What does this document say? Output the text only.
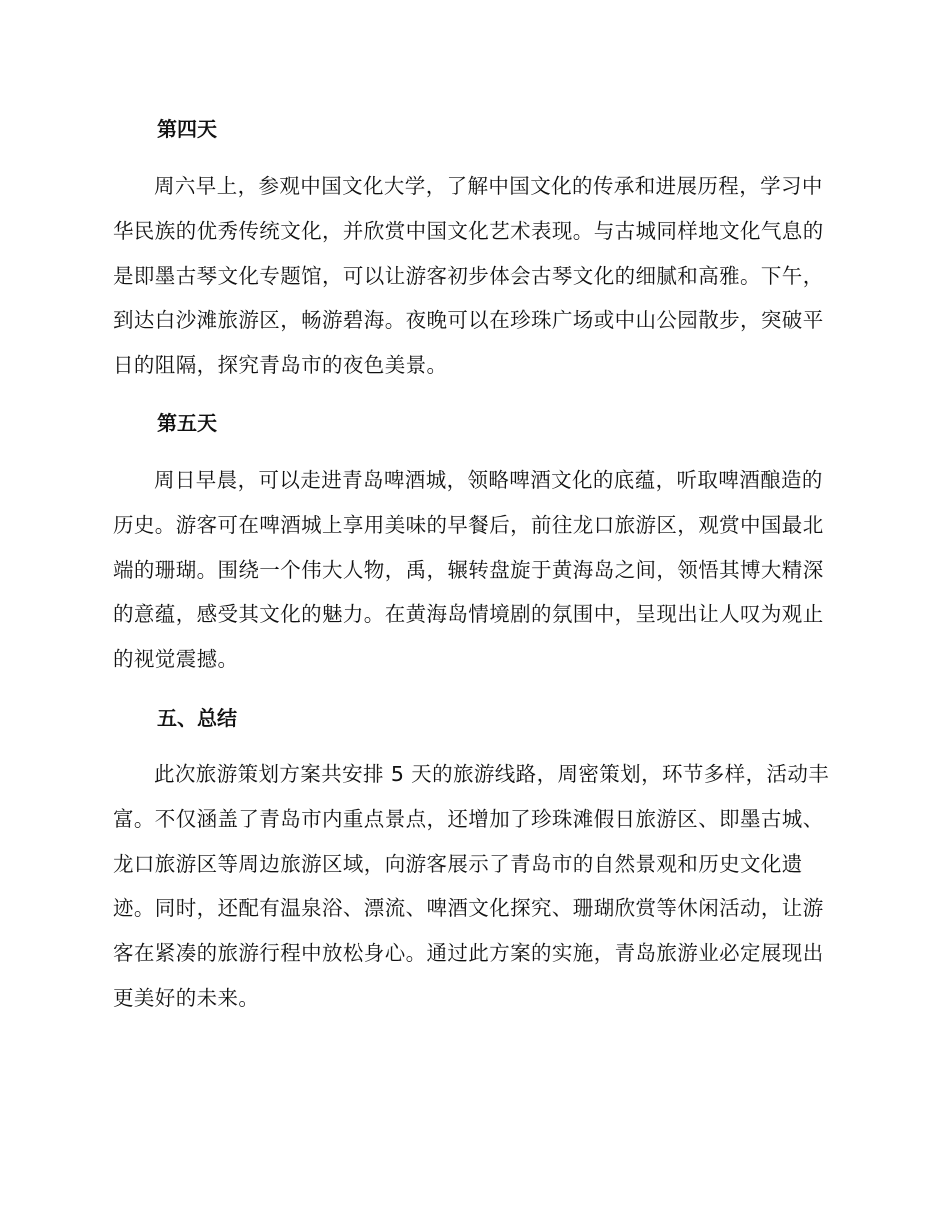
第四天

周六早上，参观中国文化大学，了解中国文化的传承和进展历程，学习中华民族的优秀传统文化，并欣赏中国文化艺术表现。与古城同样地文化气息的是即墨古琴文化专题馆，可以让游客初步体会古琴文化的细腻和高雅。下午，到达白沙滩旅游区，畅游碧海。夜晚可以在珍珠广场或中山公园散步，突破平日的阻隔，探究青岛市的夜色美景。

第五天

周日早晨，可以走进青岛啤酒城，领略啤酒文化的底蕴，听取啤酒酿造的历史。游客可在啤酒城上享用美味的早餐后，前往龙口旅游区，观赏中国最北端的珊瑚。围绕一个伟大人物，禹，辗转盘旋于黄海岛之间，领悟其博大精深的意蕴，感受其文化的魅力。在黄海岛情境剧的氛围中，呈现出让人叹为观止的视觉震撼。

五、总结

此次旅游策划方案共安排 5 天的旅游线路，周密策划，环节多样，活动丰富。不仅涵盖了青岛市内重点景点，还增加了珍珠滩假日旅游区、即墨古城、龙口旅游区等周边旅游区域，向游客展示了青岛市的自然景观和历史文化遗迹。同时，还配有温泉浴、漂流、啤酒文化探究、珊瑚欣赏等休闲活动，让游客在紧凑的旅游行程中放松身心。通过此方案的实施，青岛旅游业必定展现出更美好的未来。
